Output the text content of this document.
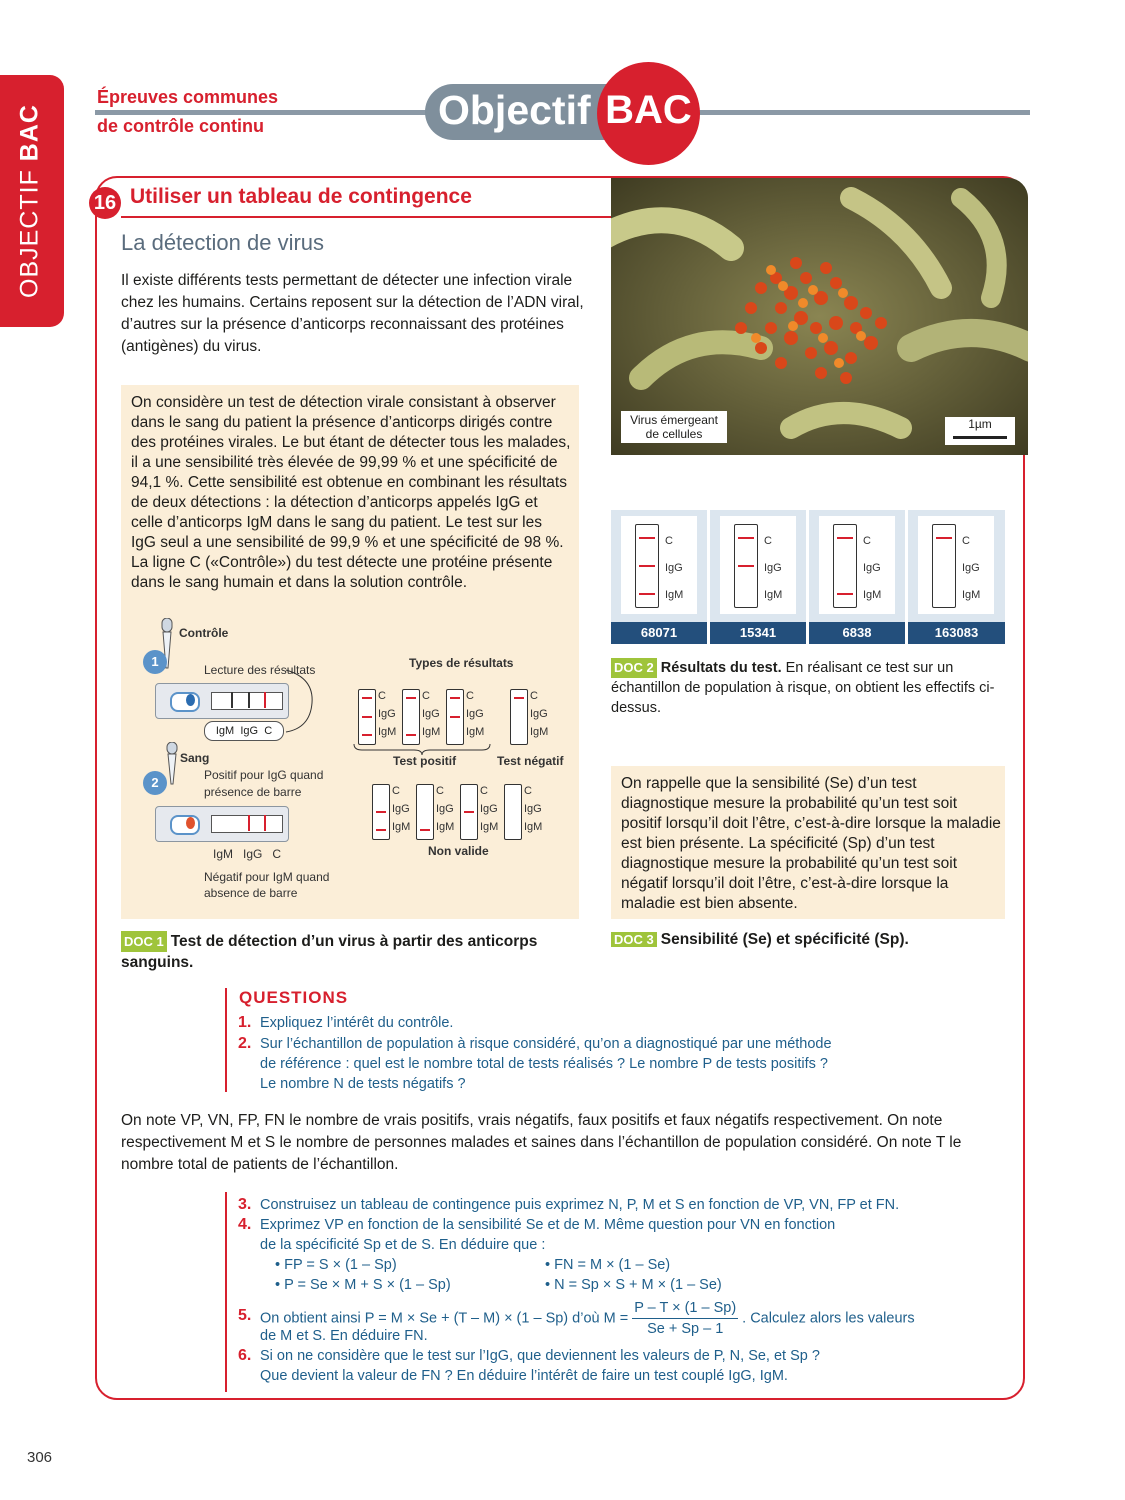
OBJECTIF BAC
Épreuves communes
de contrôle continu	Objectif BAC
16 Utiliser un tableau de contingence
La détection de virus
Il existe différents tests permettant de détecter une infection virale chez les humains. Certains reposent sur la détection de l’ADN viral, d’autres sur la présence d’anticorps reconnaissant des protéines (antigènes) du virus.
On considère un test de détection virale consistant à observer dans le sang du patient la présence d’anticorps dirigés contre des protéines virales. Le but étant de détecter tous les malades, il a une sensibilité très élevée de 99,99 % et une spécificité de 94,1 %. Cette sensibilité est obtenue en combinant les résultats de deux détections : la détection d’anticorps appelés IgG et celle d’anticorps IgM dans le sang du patient. Le test sur les IgG seul a une sensibilité de 99,9 % et une spécificité de 98 %. La ligne C («Contrôle») du test détecte une protéine présente dans le sang humain et dans la solution contrôle.
Contrôle
1
Lecture des résultats
IgM IgG C
Sang
2	Positif pour IgG quand
présence de barre
IgM IgG C
Négatif pour IgM quand
absence de barre
Types de résultats
C
IgG
IgM
C
IgG
IgM
C
IgG
IgM
C
IgG
IgM
Test positif	Test négatif
C
IgG
IgM
C
IgG
IgM
C
IgG
IgM
C
IgG
IgM
Non valide
Virus émergeant
de cellules
1µm
C
IgG
IgM
68071
C
IgG
IgM
15341
C
IgG
IgM
6838
C
IgG
IgM
163083
DOC 2 Résultats du test. En réalisant ce test sur un échantillon de population à risque, on obtient les effectifs ci-dessus.
On rappelle que la sensibilité (Se) d’un test diagnostique mesure la probabilité qu’un test soit positif lorsqu’il doit l’être, c’est-à-dire lorsque la maladie est bien présente. La spécificité (Sp) d’un test diagnostique mesure la probabilité qu’un test soit négatif lorsqu’il doit l’être, c’est-à-dire lorsque la maladie est bien absente.
DOC 1 Test de détection d’un virus à partir des anticorps sanguins.
DOC 3 Sensibilité (Se) et spécificité (Sp).
QUESTIONS
1. Expliquez l’intérêt du contrôle.
2. Sur l’échantillon de population à risque considéré, qu’on a diagnostiqué par une méthode
de référence : quel est le nombre total de tests réalisés ? Le nombre P de tests positifs ?
Le nombre N de tests négatifs ?
On note VP, VN, FP, FN le nombre de vrais positifs, vrais négatifs, faux positifs et faux négatifs respectivement. On note respectivement M et S le nombre de personnes malades et saines dans l’échantillon de population considéré. On note T le nombre total de patients de l’échantillon.
3. Construisez un tableau de contingence puis exprimez N, P, M et S en fonction de VP, VN, FP et FN.
4. Exprimez VP en fonction de la sensibilité Se et de M. Même question pour VN en fonction
de la spécificité Sp et de S. En déduire que :
• FP = S × (1 – Sp)	• FN = M × (1 – Se)
• P = Se × M + S × (1 – Sp)	• N = Sp × S + M × (1 – Se)
5. On obtient ainsi P = M × Se + (T – M) × (1 – Sp) d’où $M = \frac{P - T \times (1 - Sp)}{Se + Sp - 1}$ . Calculez alors les valeurs
de M et S. En déduire FN.
6. Si on ne considère que le test sur l’IgG, que deviennent les valeurs de P, N, Se, et Sp ?
Que devient la valeur de FN ? En déduire l’intérêt de faire un test couplé IgG, IgM.
306
